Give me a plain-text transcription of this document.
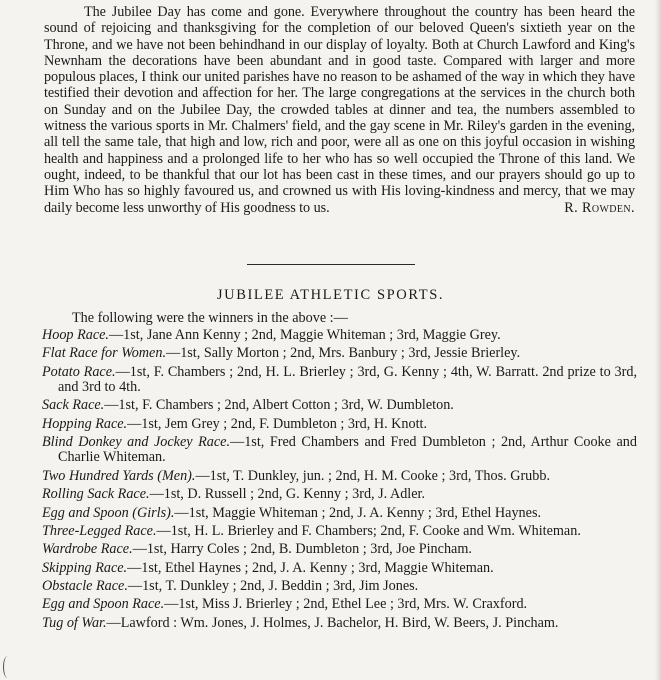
The Jubilee Day has come and gone. Everywhere throughout the country has been heard the sound of rejoicing and thanksgiving for the completion of our beloved Queen's sixtieth year on the Throne, and we have not been behindhand in our display of loyalty. Both at Church Lawford and King's Newnham the decorations have been abundant and in good taste. Compared with larger and more populous places, I think our united parishes have no reason to be ashamed of the way in which they have testified their devotion and affection for her. The large congregations at the services in the church both on Sunday and on the Jubilee Day, the crowded tables at dinner and tea, the numbers assembled to witness the various sports in Mr. Chalmers' field, and the gay scene in Mr. Riley's garden in the evening, all tell the same tale, that high and low, rich and poor, were all as one on this joyful occasion in wishing health and happiness and a prolonged life to her who has so well occupied the Throne of this land. We ought, indeed, to be thankful that our lot has been cast in these times, and our prayers should go up to Him Who has so highly favoured us, and crowned us with His loving-kindness and mercy, that we may daily become less unworthy of His goodness to us.	R. Rowden.

JUBILEE ATHLETIC SPORTS.
The following were the winners in the above :—

Hoop Race.—1st, Jane Ann Kenny ; 2nd, Maggie Whiteman ; 3rd, Maggie Grey.

Flat Race for Women.—1st, Sally Morton ; 2nd, Mrs. Banbury ; 3rd, Jessie Brierley.

Potato Race.—1st, F. Chambers ; 2nd, H. L. Brierley ; 3rd, G. Kenny ; 4th, W. Barratt. 2nd prize to 3rd, and 3rd to 4th.

Sack Race.—1st, F. Chambers ; 2nd, Albert Cotton ; 3rd, W. Dumbleton.

Hopping Race.—1st, Jem Grey ; 2nd, F. Dumbleton ; 3rd, H. Knott.

Blind Donkey and Jockey Race.—1st, Fred Chambers and Fred Dumbleton ; 2nd, Arthur Cooke and Charlie Whiteman.

Two Hundred Yards (Men).—1st, T. Dunkley, jun. ; 2nd, H. M. Cooke ; 3rd, Thos. Grubb.

Rolling Sack Race.—1st, D. Russell ; 2nd, G. Kenny ; 3rd, J. Adler.

Egg and Spoon (Girls).—1st, Maggie Whiteman ; 2nd, J. A. Kenny ; 3rd, Ethel Haynes.

Three-Legged Race.—1st, H. L. Brierley and F. Chambers; 2nd, F. Cooke and Wm. Whiteman.

Wardrobe Race.—1st, Harry Coles ; 2nd, B. Dumbleton ; 3rd, Joe Pincham.

Skipping Race.—1st, Ethel Haynes ; 2nd, J. A. Kenny ; 3rd, Maggie Whiteman.

Obstacle Race.—1st, T. Dunkley ; 2nd, J. Beddin ; 3rd, Jim Jones.

Egg and Spoon Race.—1st, Miss J. Brierley ; 2nd, Ethel Lee ; 3rd, Mrs. W. Craxford.

Tug of War.—Lawford : Wm. Jones, J. Holmes, J. Bachelor, H. Bird, W. Beers, J. Pincham.
